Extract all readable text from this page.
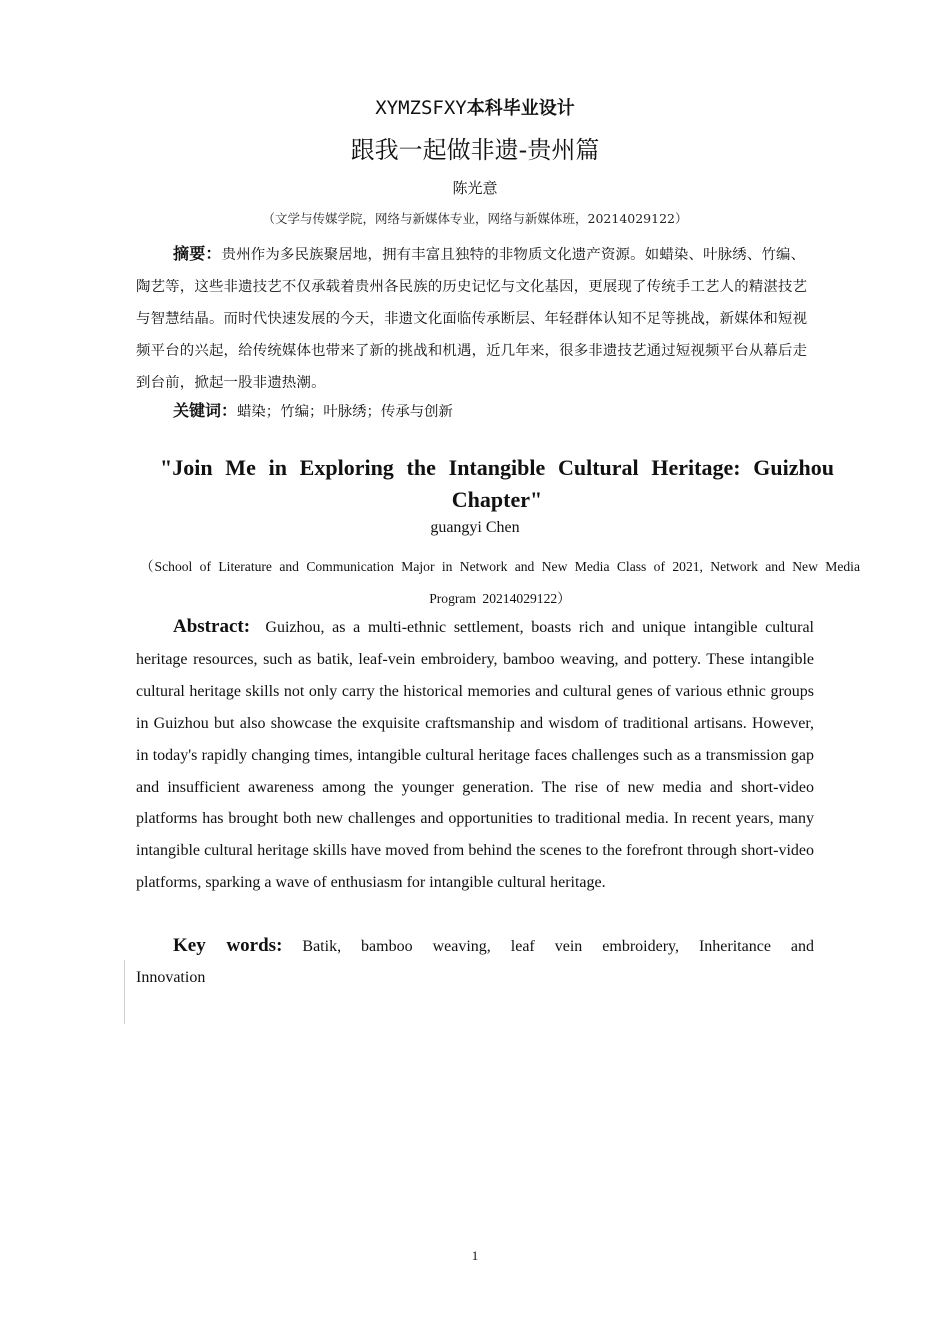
XYMZSFXY本科毕业设计
跟我一起做非遗-贵州篇
陈光意
（文学与传媒学院，网络与新媒体专业，网络与新媒体班，20214029122）
摘要：贵州作为多民族聚居地，拥有丰富且独特的非物质文化遗产资源。如蜡染、叶脉绣、竹编、陶艺等，这些非遗技艺不仅承载着贵州各民族的历史记忆与文化基因，更展现了传统手工艺人的精湛技艺与智慧结晶。而时代快速发展的今天，非遗文化面临传承断层、年轻群体认知不足等挑战，新媒体和短视频平台的兴起，给传统媒体也带来了新的挑战和机遇，近几年来，很多非遗技艺通过短视频平台从幕后走到台前，掀起一股非遗热潮。
关键词：蜡染；竹编；叶脉绣；传承与创新
"Join Me in Exploring the Intangible Cultural Heritage: Guizhou Chapter"
guangyi Chen
（School of Literature and Communication Major in Network and New Media Class of 2021, Network and New Media Program 20214029122）
Abstract: Guizhou, as a multi-ethnic settlement, boasts rich and unique intangible cultural heritage resources, such as batik, leaf-vein embroidery, bamboo weaving, and pottery. These intangible cultural heritage skills not only carry the historical memories and cultural genes of various ethnic groups in Guizhou but also showcase the exquisite craftsmanship and wisdom of traditional artisans. However, in today's rapidly changing times, intangible cultural heritage faces challenges such as a transmission gap and insufficient awareness among the younger generation. The rise of new media and short-video platforms has brought both new challenges and opportunities to traditional media. In recent years, many intangible cultural heritage skills have moved from behind the scenes to the forefront through short-video platforms, sparking a wave of enthusiasm for intangible cultural heritage.
Key words: Batik, bamboo weaving, leaf vein embroidery, Inheritance and Innovation
1
